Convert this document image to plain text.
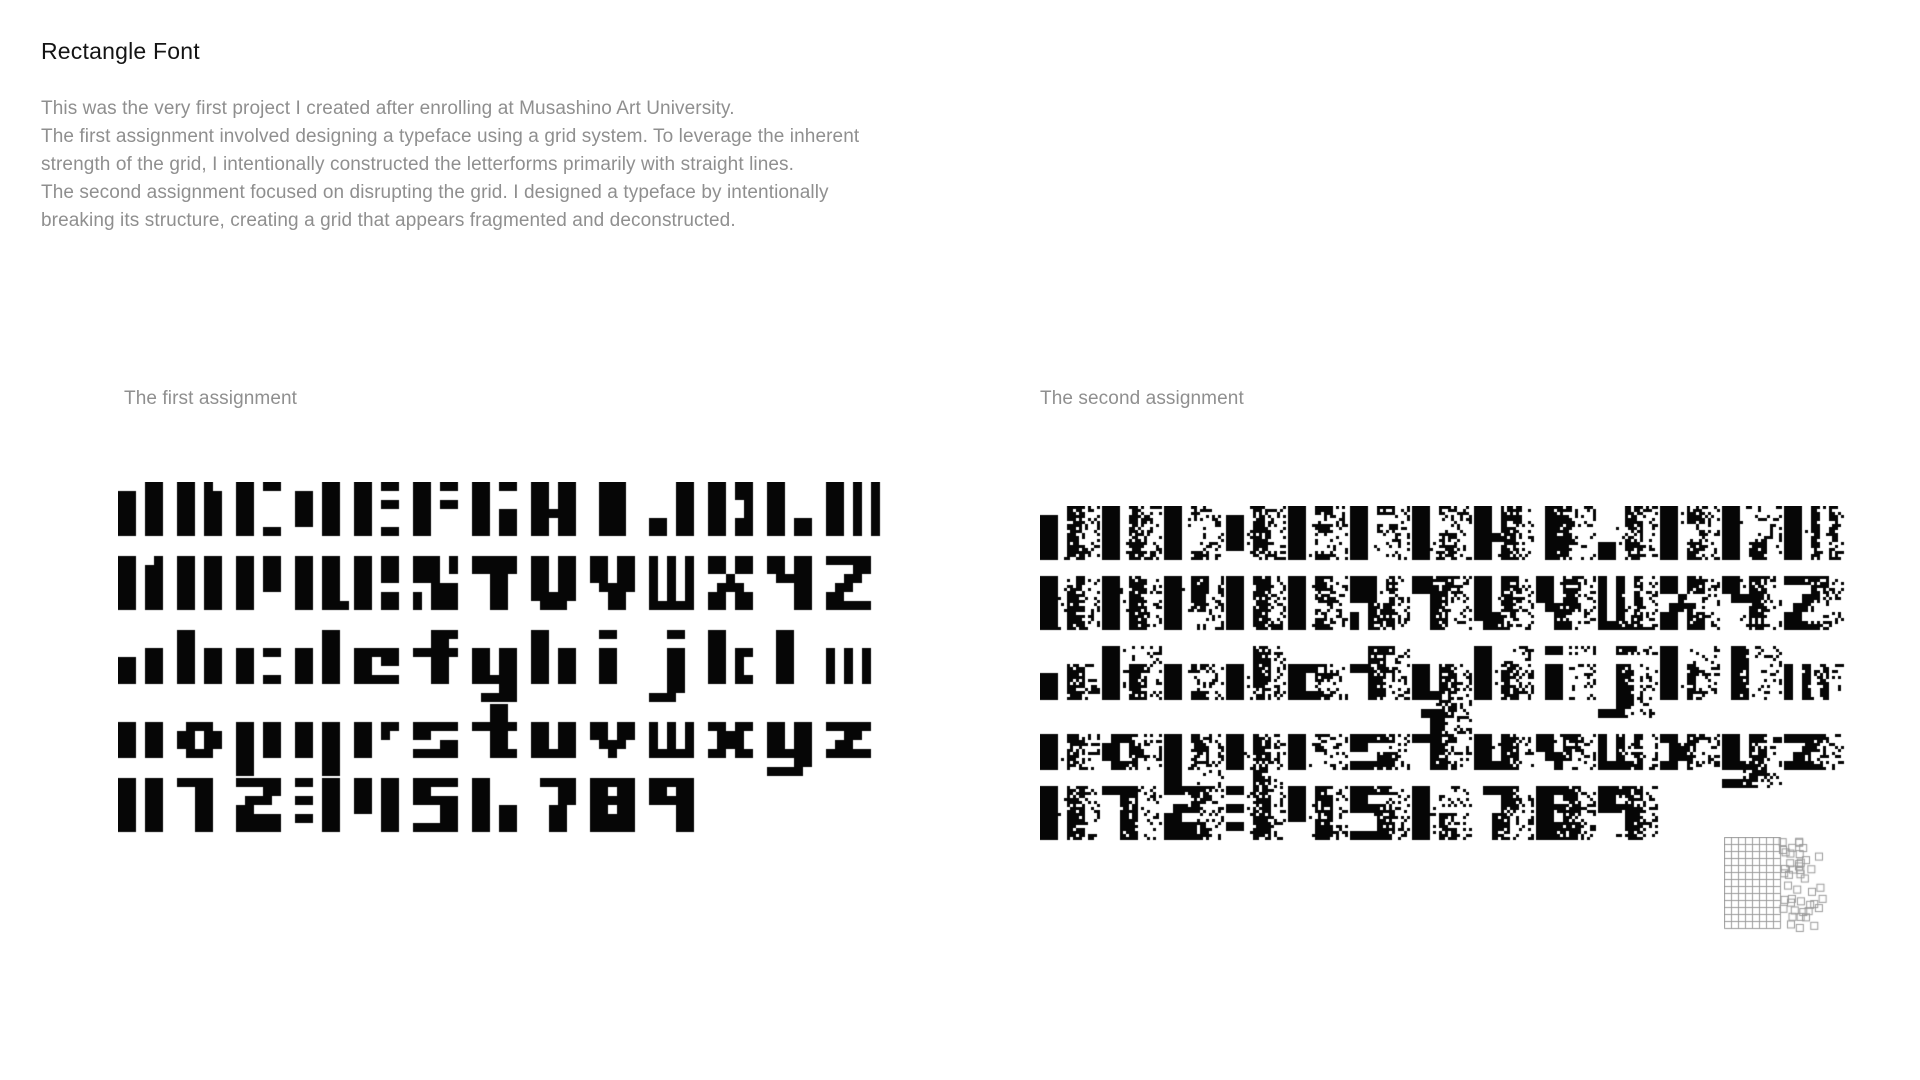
Rectangle Font
This was the very first project I created after enrolling at Musashino Art University.
The first assignment involved designing a typeface using a grid system. To leverage the inherent
strength of the grid, I intentionally constructed the letterforms primarily with straight lines.
The second assignment focused on disrupting the grid. I designed a typeface by intentionally
breaking its structure, creating a grid that appears fragmented and deconstructed.
The first assignment	The second assignment
